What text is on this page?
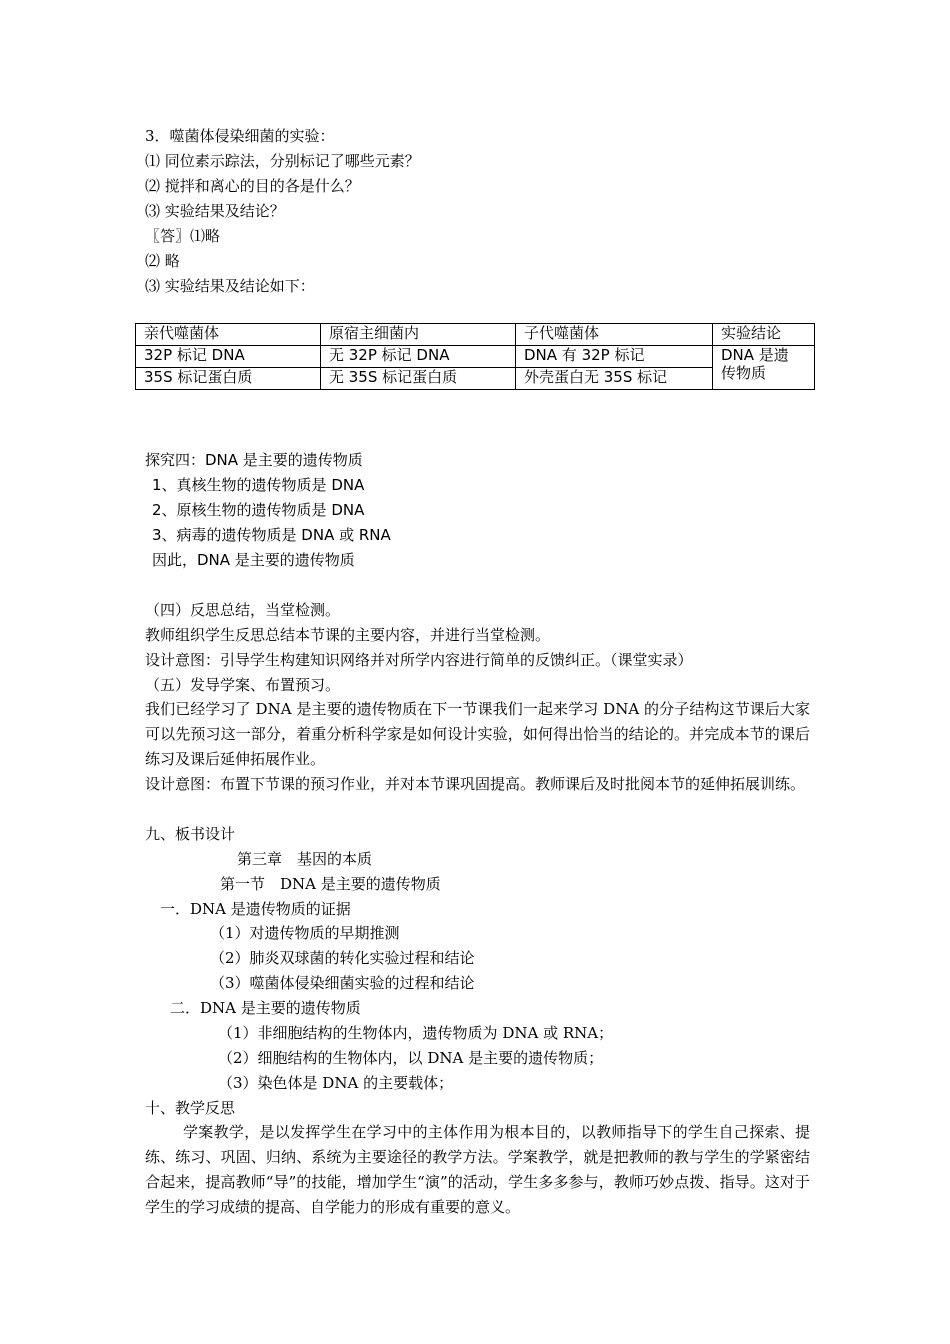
3．噬菌体侵染细菌的实验：
⑴ 同位素示踪法，分别标记了哪些元素？
⑵ 搅拌和离心的目的各是什么？
⑶ 实验结果及结论？
〖答〗⑴略
⑵ 略
⑶ 实验结果及结论如下：
亲代噬菌体	原宿主细菌内	子代噬菌体	实验结论
32P 标记 DNA	无 32P 标记 DNA	DNA 有 32P 标记	DNA 是遗
传物质

35S 标记蛋白质	无 35S 标记蛋白质	外壳蛋白无 35S 标记	
探究四：DNA 是主要的遗传物质
1、真核生物的遗传物质是 DNA
2、原核生物的遗传物质是 DNA
3、病毒的遗传物质是 DNA 或 RNA
因此，DNA 是主要的遗传物质
（四）反思总结，当堂检测。
教师组织学生反思总结本节课的主要内容，并进行当堂检测。
设计意图：引导学生构建知识网络并对所学内容进行简单的反馈纠正。（课堂实录）
（五）发导学案、布置预习。
我们已经学习了 DNA 是主要的遗传物质在下一节课我们一起来学习 DNA 的分子结构这节课后大家可以先预习这一部分，着重分析科学家是如何设计实验，如何得出恰当的结论的。并完成本节的课后练习及课后延伸拓展作业。
设计意图：布置下节课的预习作业，并对本节课巩固提高。教师课后及时批阅本节的延伸拓展训练。
九、板书设计
第三章　基因的本质
第一节　DNA 是主要的遗传物质
一．DNA 是遗传物质的证据
（1）对遗传物质的早期推测
（2）肺炎双球菌的转化实验过程和结论
（3）噬菌体侵染细菌实验的过程和结论
二．DNA 是主要的遗传物质
（1）非细胞结构的生物体内，遗传物质为 DNA 或 RNA；
（2）细胞结构的生物体内，以 DNA 是主要的遗传物质；
（3）染色体是 DNA 的主要载体；
十、教学反思
学案教学，是以发挥学生在学习中的主体作用为根本目的，以教师指导下的学生自己探索、提练、练习、巩固、归纳、系统为主要途径的教学方法。学案教学，就是把教师的教与学生的学紧密结合起来，提高教师“导”的技能，增加学生“演”的活动，学生多多参与，教师巧妙点拨、指导。这对于学生的学习成绩的提高、自学能力的形成有重要的意义。
